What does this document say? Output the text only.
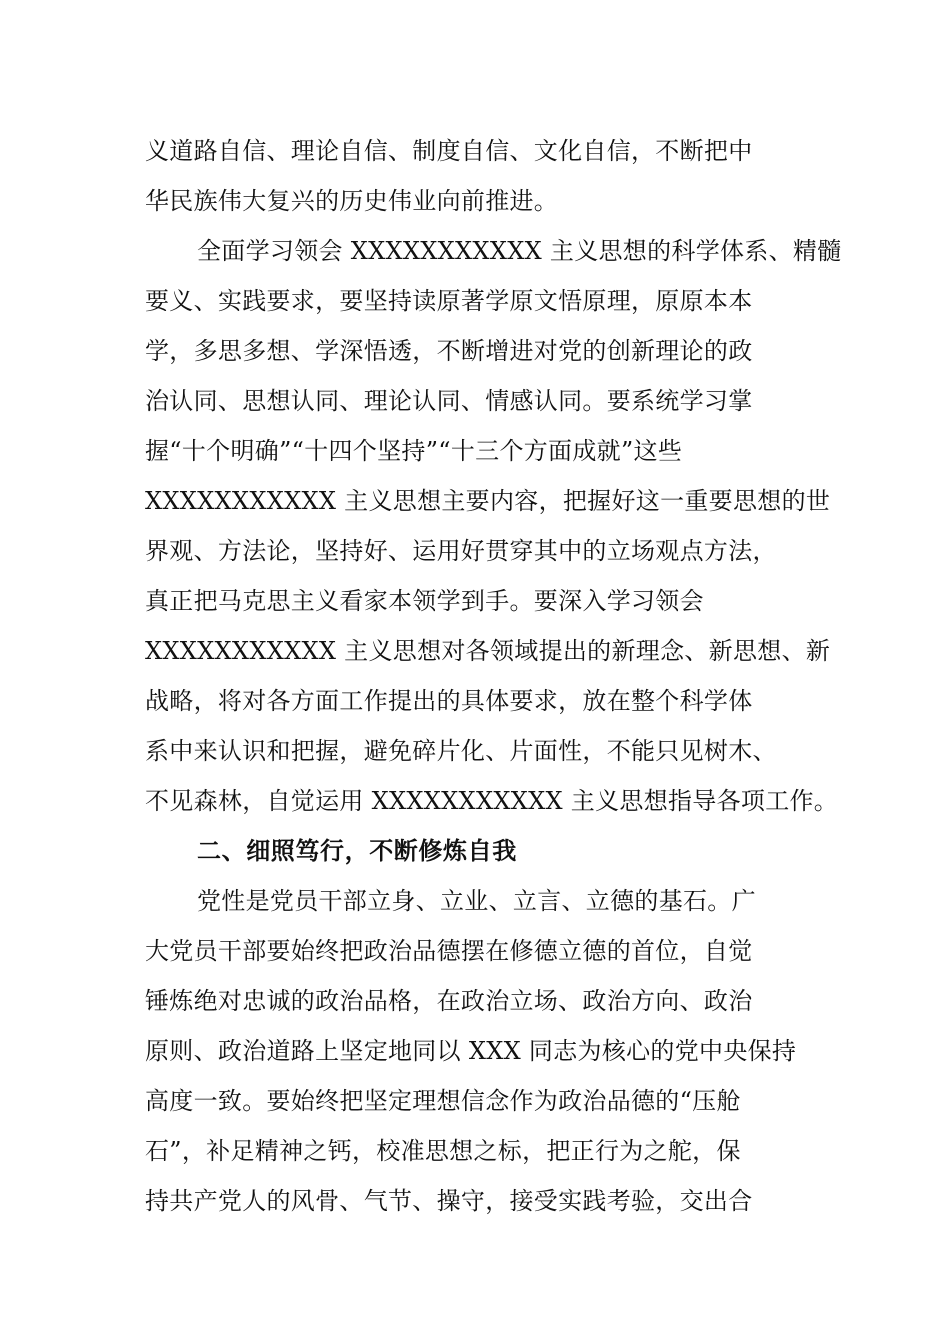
义道路自信、理论自信、制度自信、文化自信，不断把中
华民族伟大复兴的历史伟业向前推进。
全面学习领会 XXXXXXXXXXX 主义思想的科学体系、精髓
要义、实践要求，要坚持读原著学原文悟原理，原原本本
学，多思多想、学深悟透，不断增进对党的创新理论的政
治认同、思想认同、理论认同、情感认同。要系统学习掌
握“十个明确”“十四个坚持”“十三个方面成就”这些
XXXXXXXXXXX 主义思想主要内容，把握好这一重要思想的世
界观、方法论，坚持好、运用好贯穿其中的立场观点方法，
真正把马克思主义看家本领学到手。要深入学习领会
XXXXXXXXXXX 主义思想对各领域提出的新理念、新思想、新
战略，将对各方面工作提出的具体要求，放在整个科学体
系中来认识和把握，避免碎片化、片面性，不能只见树木、
不见森林，自觉运用 XXXXXXXXXXX 主义思想指导各项工作。
二、细照笃行，不断修炼自我
党性是党员干部立身、立业、立言、立德的基石。广
大党员干部要始终把政治品德摆在修德立德的首位，自觉
锤炼绝对忠诚的政治品格，在政治立场、政治方向、政治
原则、政治道路上坚定地同以 XXX 同志为核心的党中央保持
高度一致。要始终把坚定理想信念作为政治品德的“压舱
石”，补足精神之钙，校准思想之标，把正行为之舵，保
持共产党人的风骨、气节、操守，接受实践考验，交出合
